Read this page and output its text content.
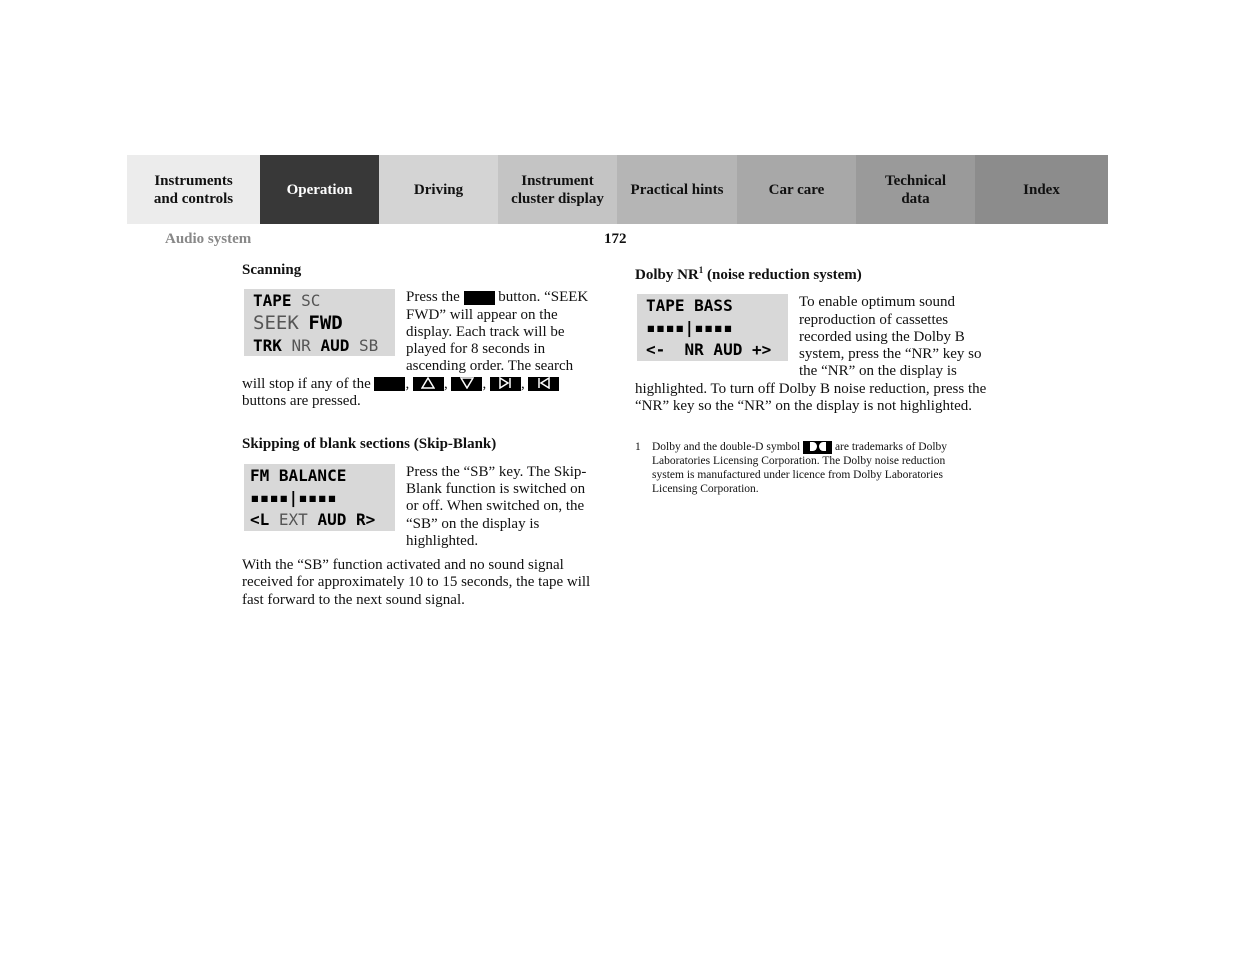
Instruments
and controls
Operation	Driving
Instrument
cluster display
Practical hints	Car care
Technical
data
Index
Audio system	172
Scanning
TAPE SC
SEEK FWD
TRK NR AUD SB

Press the	button. “SEEK FWD” will appear on the display. Each track will be played for 8 seconds in ascending order. The search will stop if any of the , , , ,  buttons are pressed.

Skipping of blank sections (Skip-Blank)
FM BALANCE
▪▪▪▪|▪▪▪▪
<L EXT AUD R>

Press the “SB” key. The Skip-Blank function is switched on or off. When switched on, the “SB” on the display is highlighted.

With the “SB” function activated and no sound signal received for approximately 10 to 15 seconds, the tape will fast forward to the next sound signal.

Dolby $NR^1$ (noise reduction system)
TAPE BASS
▪▪▪▪|▪▪▪▪
<-  NR AUD +>

To enable optimum sound reproduction of cassettes recorded using the Dolby B system, press the “NR” key so the “NR” on the display is highlighted. To turn off Dolby B noise reduction, press the “NR” key so the “NR” on the display is not highlighted.

1 Dolby and the double-D symbol	are trademarks of Dolby Laboratories Licensing Corporation. The Dolby noise reduction system is manufactured under licence from Dolby Laboratories Licensing Corporation.
